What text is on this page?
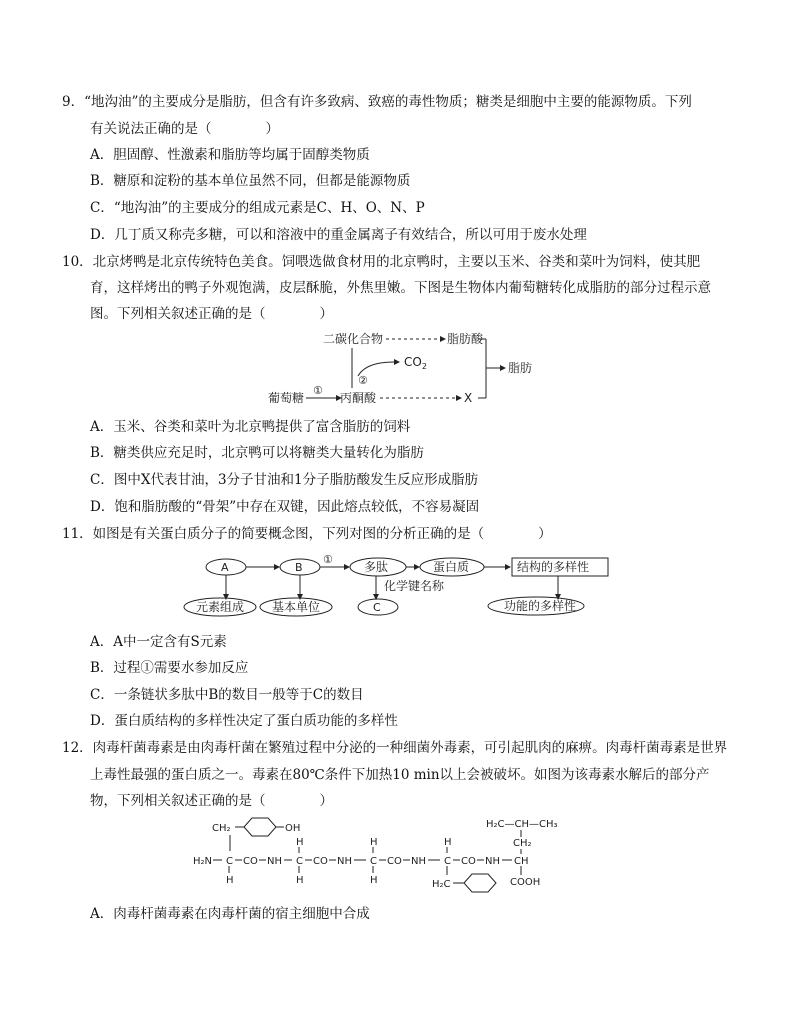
9．“地沟油”的主要成分是脂肪，但含有许多致病、致癌的毒性物质；糖类是细胞中主要的能源物质。下列
有关说法正确的是（　　　　）
A．胆固醇、性激素和脂肪等均属于固醇类物质
B．糖原和淀粉的基本单位虽然不同，但都是能源物质
C．“地沟油”的主要成分的组成元素是C、H、O、N、P
D．几丁质又称壳多糖，可以和溶液中的重金属离子有效结合，所以可用于废水处理
10．北京烤鸭是北京传统特色美食。饲喂选做食材用的北京鸭时，主要以玉米、谷类和菜叶为饲料，使其肥
育，这样烤出的鸭子外观饱满，皮层酥脆，外焦里嫩。下图是生物体内葡萄糖转化成脂肪的部分过程示意
图。下列相关叙述正确的是（　　　　）
二碳化合物	脂肪酸
脂肪
$CO_2$
②
葡萄糖
①
丙酮酸	X
A．玉米、谷类和菜叶为北京鸭提供了富含脂肪的饲料
B．糖类供应充足时，北京鸭可以将糖类大量转化为脂肪
C．图中X代表甘油，3分子甘油和1分子脂肪酸发生反应形成脂肪
D．饱和脂肪酸的“骨架”中存在双键，因此熔点较低，不容易凝固
11．如图是有关蛋白质分子的简要概念图，下列对图的分析正确的是（　　　　）
A	B
①
多肽	蛋白质	结构的多样性
功能的多样性
元素组成 基本单位	C
化学键名称
A．A中一定含有S元素
B．过程①需要水参加反应
C．一条链状多肽中B的数目一般等于C的数目
D．蛋白质结构的多样性决定了蛋白质功能的多样性
12．肉毒杆菌毒素是由肉毒杆菌在繁殖过程中分泌的一种细菌外毒素，可引起肌肉的麻痹。肉毒杆菌毒素是世界
上毒性最强的蛋白质之一。毒素在80℃条件下加热10 min以上会被破坏。如图为该毒素水解后的部分产
物，下列相关叙述正确的是（　　　　）
CH₂	OH
H₂N C CO NH C CO NH C CO NH C CO NH CH
H	H	H
H	H	H	H₂C
H₂C—CH—CH₃
CH₂
COOH
A．肉毒杆菌毒素在肉毒杆菌的宿主细胞中合成
